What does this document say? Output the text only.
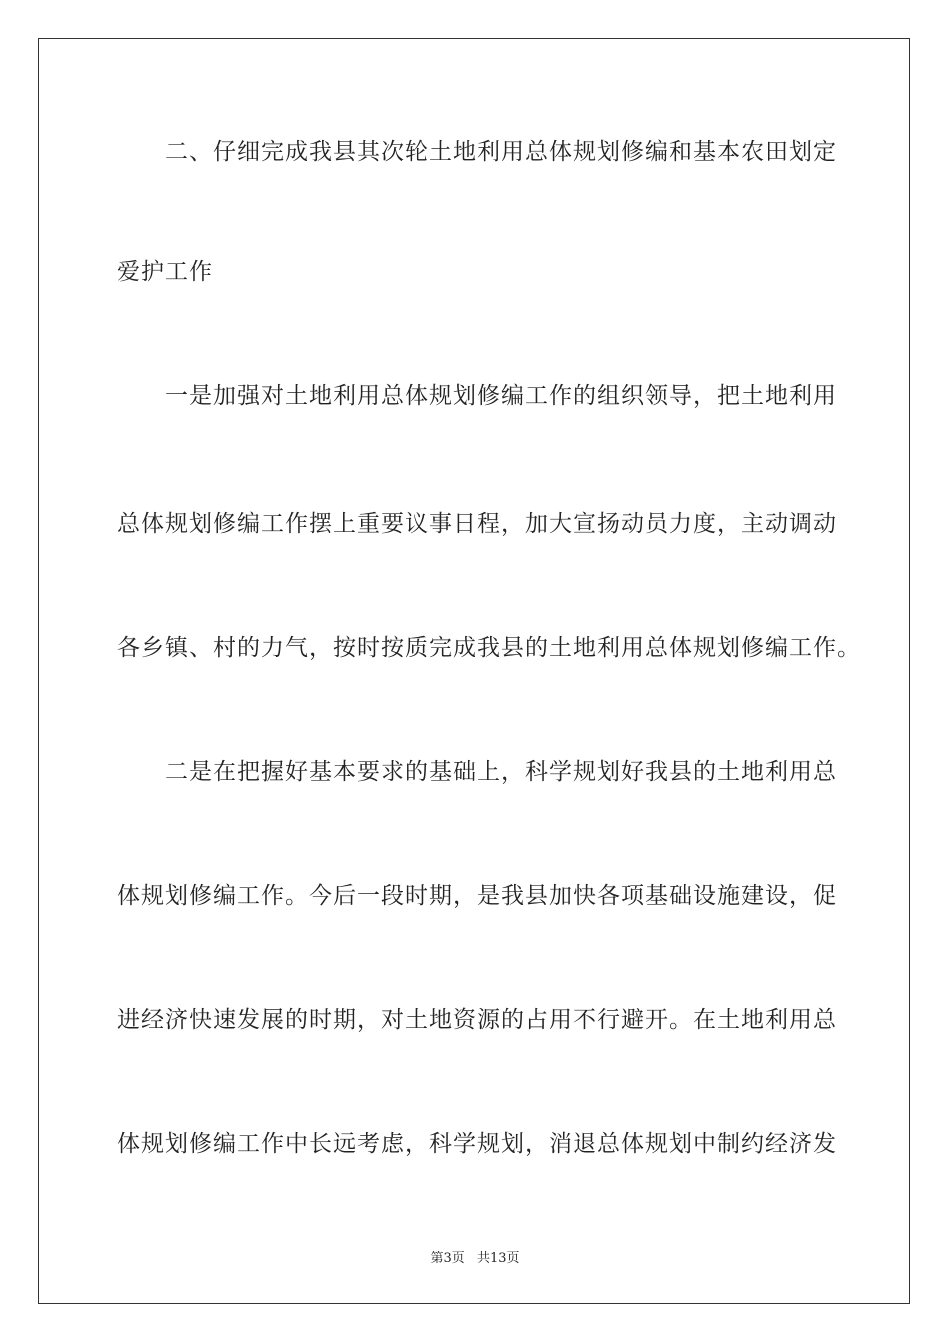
二、仔细完成我县其次轮土地利用总体规划修编和基本农田划定
爱护工作
一是加强对土地利用总体规划修编工作的组织领导，把土地利用
总体规划修编工作摆上重要议事日程，加大宣扬动员力度，主动调动
各乡镇、村的力气，按时按质完成我县的土地利用总体规划修编工作。
二是在把握好基本要求的基础上，科学规划好我县的土地利用总
体规划修编工作。今后一段时期，是我县加快各项基础设施建设，促
进经济快速发展的时期，对土地资源的占用不行避开。在土地利用总
体规划修编工作中长远考虑，科学规划，消退总体规划中制约经济发
第3页 共13页
